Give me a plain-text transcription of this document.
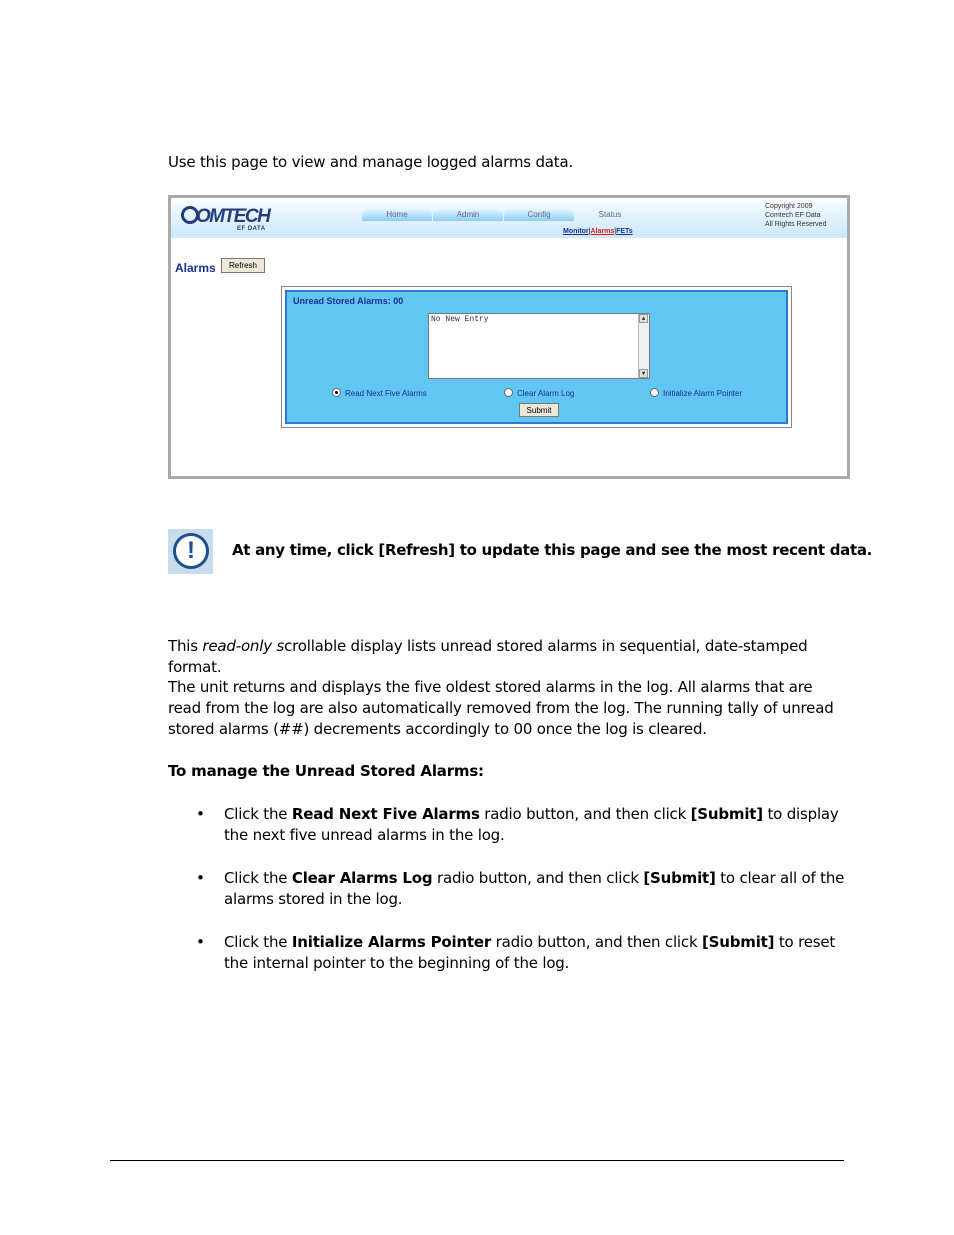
Use this page to view and manage logged alarms data.
OMTECH
EF DATA
Home	Admin	Config	Status
Monitor|Alarms|FETs
Copyright 2009
Comtech EF Data
All Rights Reserved
Alarms	Refresh
Unread Stored Alarms: 00
No New Entry	▲
▼
Read Next Five Alarms	Clear Alarm Log	Initialize Alarm Pointer
Submit
!	At any time, click [Refresh] to update this page and see the most recent data.
This read-only scrollable display lists unread stored alarms in sequential, date-stamped format.
The unit returns and displays the five oldest stored alarms in the log. All alarms that are read from the log are also automatically removed from the log. The running tally of unread stored alarms (##) decrements accordingly to 00 once the log is cleared.
To manage the Unread Stored Alarms:
• Click the Read Next Five Alarms radio button, and then click [Submit] to display the next five unread alarms in the log.
• Click the Clear Alarms Log radio button, and then click [Submit] to clear all of the alarms stored in the log.
• Click the Initialize Alarms Pointer radio button, and then click [Submit] to reset the internal pointer to the beginning of the log.
